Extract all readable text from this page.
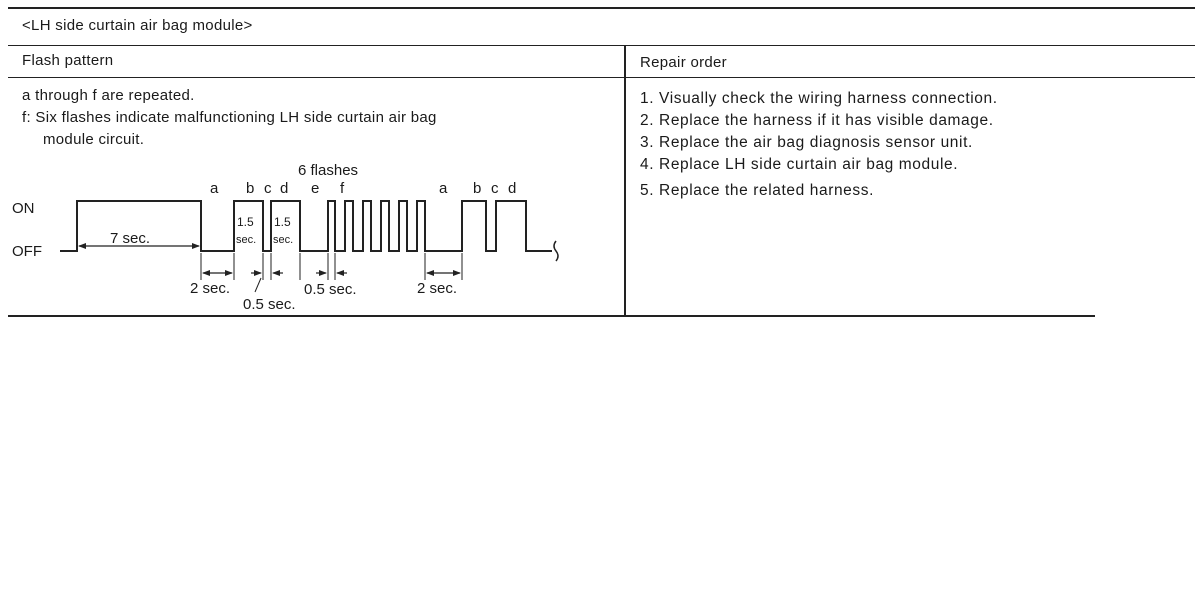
<LH side curtain air bag module>
Flash pattern	Repair order
a through f are repeated.
f: Six flashes indicate malfunctioning LH side curtain air bag
module circuit.
1. Visually check the wiring harness connection.
2. Replace the harness if it has visible damage.
3. Replace the air bag diagnosis sensor unit.
4. Replace LH side curtain air bag module.
5. Replace the related harness.
ON
OFF
7 sec.
1.5
sec.
1.5
sec.
6 flashes
a b c d e f	a b c d
2 sec.
0.5 sec.
0.5 sec.	2 sec.
